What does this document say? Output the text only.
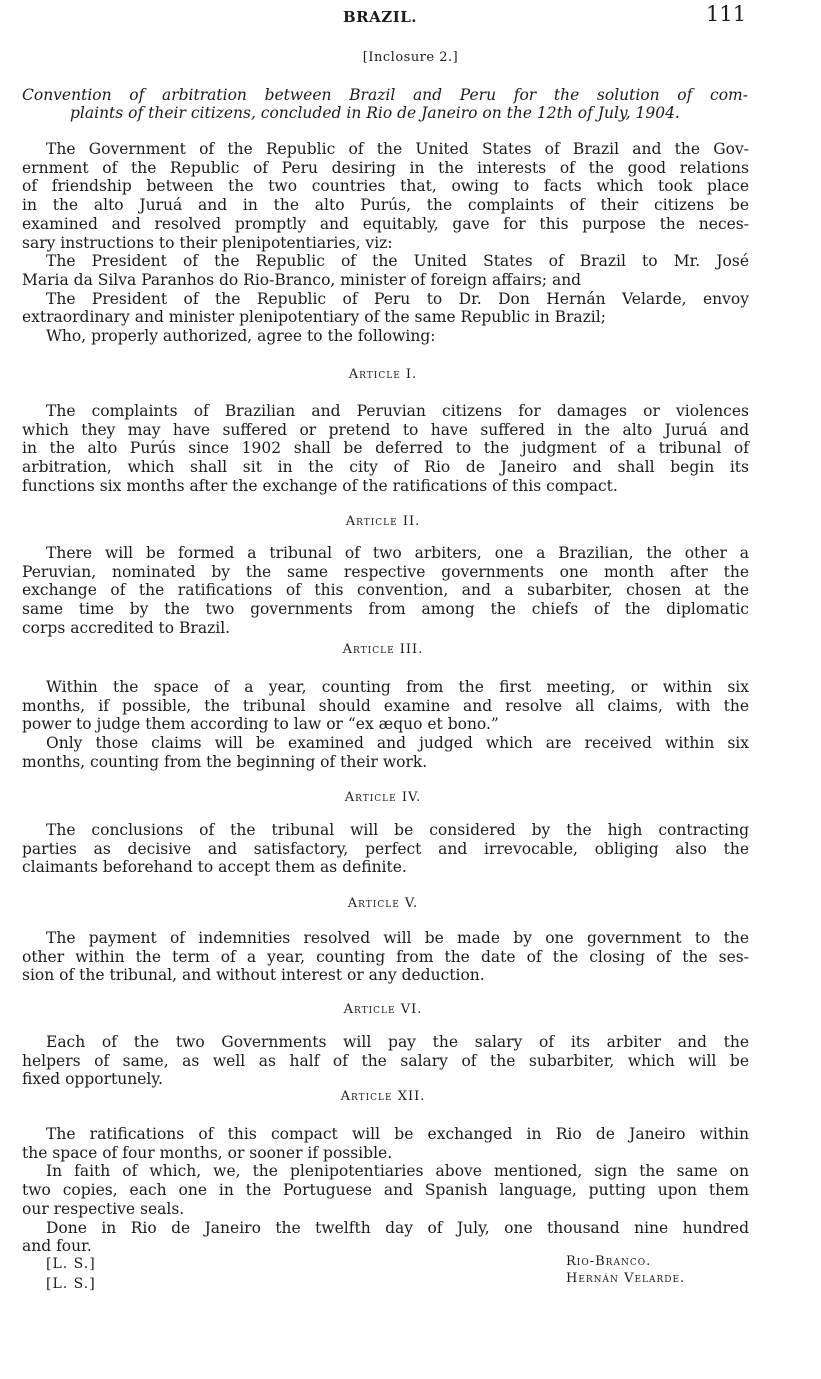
BRAZIL.	111
[Inclosure 2.]
Convention of arbitration between Brazil and Peru for the solution of com-
plaints of their citizens, concluded in Rio de Janeiro on the 12th of July, 1904.
The Government of the Republic of the United States of Brazil and the Gov-
ernment of the Republic of Peru desiring in the interests of the good relations
of friendship between the two countries that, owing to facts which took place
in the alto Juruá and in the alto Purús, the complaints of their citizens be
examined and resolved promptly and equitably, gave for this purpose the neces-
sary instructions to their plenipotentiaries, viz:
The President of the Republic of the United States of Brazil to Mr. José
Maria da Silva Paranhos do Rio-Branco, minister of foreign affairs; and
The President of the Republic of Peru to Dr. Don Hernán Velarde, envoy
extraordinary and minister plenipotentiary of the same Republic in Brazil;
Who, properly authorized, agree to the following:
Article I.
The complaints of Brazilian and Peruvian citizens for damages or violences
which they may have suffered or pretend to have suffered in the alto Juruá and
in the alto Purús since 1902 shall be deferred to the judgment of a tribunal of
arbitration, which shall sit in the city of Rio de Janeiro and shall begin its
functions six months after the exchange of the ratifications of this compact.
Article II.
There will be formed a tribunal of two arbiters, one a Brazilian, the other a
Peruvian, nominated by the same respective governments one month after the
exchange of the ratifications of this convention, and a subarbiter, chosen at the
same time by the two governments from among the chiefs of the diplomatic
corps accredited to Brazil.
Article III.
Within the space of a year, counting from the first meeting, or within six
months, if possible, the tribunal should examine and resolve all claims, with the
power to judge them according to law or “ex æquo et bono.”
Only those claims will be examined and judged which are received within six
months, counting from the beginning of their work.
Article IV.
The conclusions of the tribunal will be considered by the high contracting
parties as decisive and satisfactory, perfect and irrevocable, obliging also the
claimants beforehand to accept them as definite.
Article V.
The payment of indemnities resolved will be made by one government to the
other within the term of a year, counting from the date of the closing of the ses-
sion of the tribunal, and without interest or any deduction.
Article VI.
Each of the two Governments will pay the salary of its arbiter and the
helpers of same, as well as half of the salary of the subarbiter, which will be
fixed opportunely.
Article XII.
The ratifications of this compact will be exchanged in Rio de Janeiro within
the space of four months, or sooner if possible.
In faith of which, we, the plenipotentiaries above mentioned, sign the same on
two copies, each one in the Portuguese and Spanish language, putting upon them
our respective seals.
Done in Rio de Janeiro the twelfth day of July, one thousand nine hundred
and four.
[L. S.]
[L. S.]
Rio-Branco.
Hernán Velarde.
